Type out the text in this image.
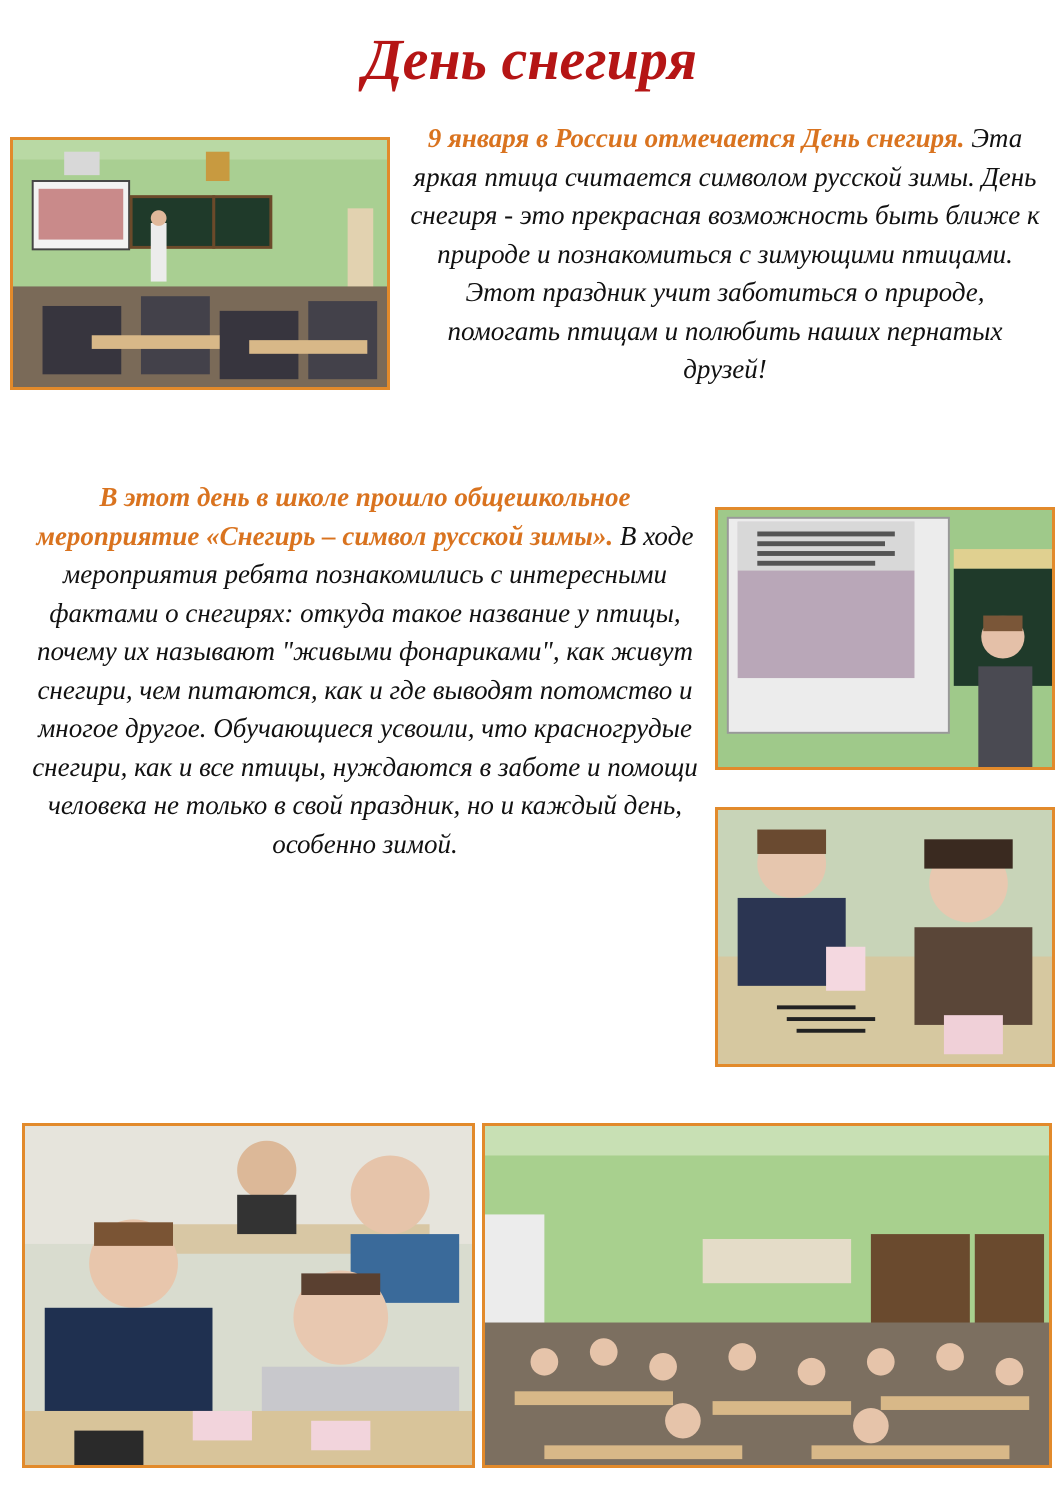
День снегиря
9 января в России отмечается День снегиря. Эта яркая птица считается символом русской зимы. День снегиря - это прекрасная возможность быть ближе к природе и познакомиться с зимующими птицами. Этот праздник учит заботиться о природе, помогать птицам и полюбить наших пернатых друзей!
В этот день в школе прошло общешкольное мероприятие «Снегирь – символ русской зимы». В ходе мероприятия ребята познакомились с интересными фактами о снегирях: откуда такое название у птицы, почему их называют "живыми фонариками", как живут снегири, чем питаются, как и где выводят потомство и многое другое. Обучающиеся усвоили, что красногрудые снегири, как и все птицы, нуждаются в заботе и помощи человека не только в свой праздник, но и каждый день, особенно зимой.
